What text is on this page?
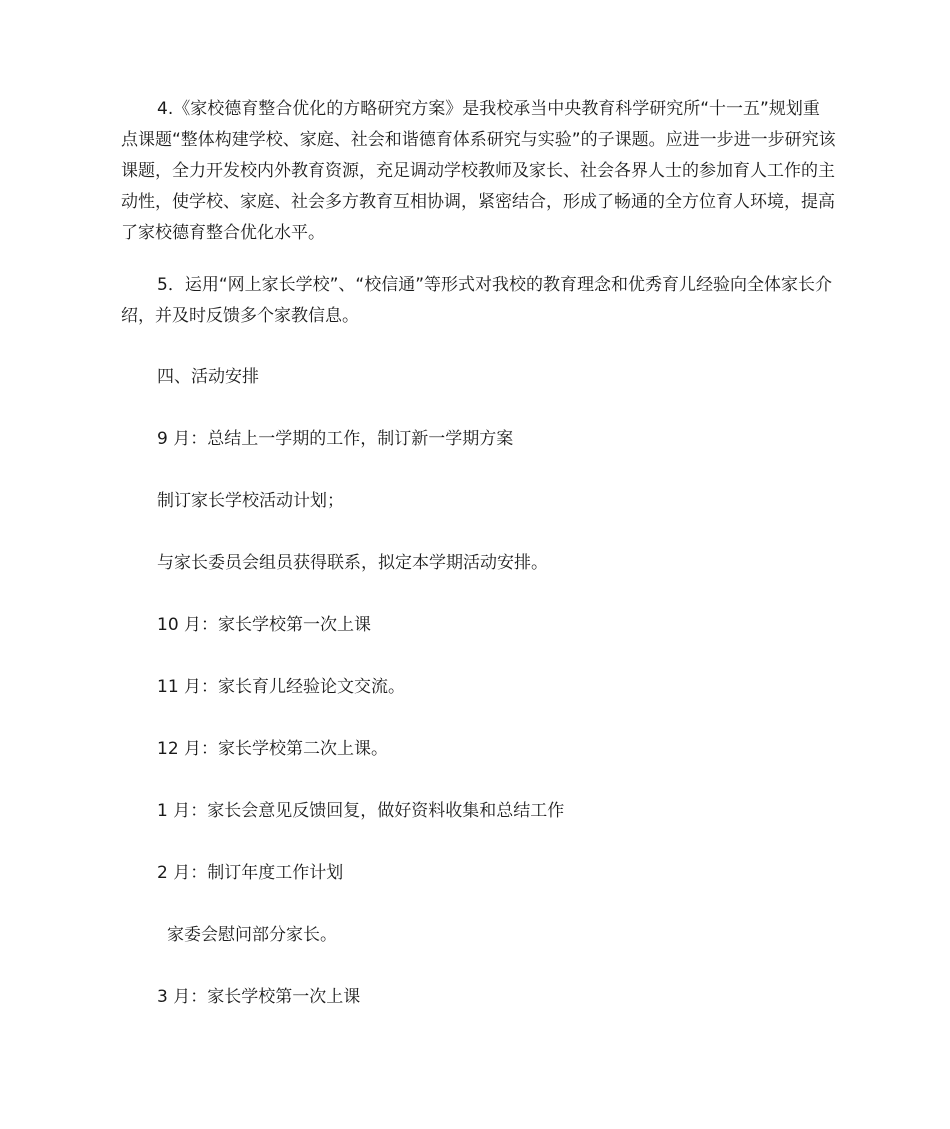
4.《家校德育整合优化的方略研究方案》是我校承当中央教育科学研究所“十一五”规划重点课题“整体构建学校、家庭、社会和谐德育体系研究与实验”的子课题。应进一步进一步研究该课题，全力开发校内外教育资源，充足调动学校教师及家长、社会各界人士的参加育人工作的主动性，使学校、家庭、社会多方教育互相协调，紧密结合，形成了畅通的全方位育人环境，提高了家校德育整合优化水平。

5．运用“网上家长学校”、“校信通”等形式对我校的教育理念和优秀育儿经验向全体家长介绍，并及时反馈多个家教信息。

四、活动安排

9 月：总结上一学期的工作，制订新一学期方案

制订家长学校活动计划；

与家长委员会组员获得联系，拟定本学期活动安排。

10 月：家长学校第一次上课

11 月：家长育儿经验论文交流。

12 月：家长学校第二次上课。

1 月：家长会意见反馈回复，做好资料收集和总结工作

2 月：制订年度工作计划

家委会慰问部分家长。

3 月：家长学校第一次上课
